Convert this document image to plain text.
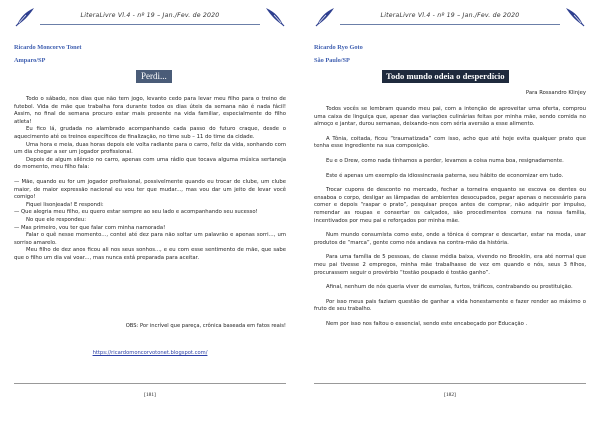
LiteraLivre Vl.4 - nº 19 – Jan./Fev. de 2020
Ricardo Moncorvo Tonet
Amparo/SP
Perdi...

Todo o sábado, nos dias que não tem jogo, levanto cedo para levar meu filho para o treino de futebol. Vida de mãe que trabalha fora durante todos os dias úteis da semana não é nada fácil! Assim, no final de semana procuro estar mais presente na vida familiar, especialmente do filho atleta!

Eu fico lá, grudada no alambrado acompanhando cada passo do futuro craque, desde o aquecimento até os treinos específicos de finalização, no time sub – 11 do time da cidade.

Uma hora e meia, duas horas depois ele volta radiante para o carro, feliz da vida, sonhando com um dia chegar a ser um jogador profissional.

Depois de algum silêncio no carro, apenas com uma rádio que tocava alguma música sertaneja do momento, meu filho fala:

— Mãe, quando eu for um jogador profissional, possivelmente quando eu trocar de clube, um clube maior, de maior expressão nacional eu vou ter que mudar..., mas vou dar um jeito de levar você comigo!

Fiquei lisonjeada! E respondi:

— Que alegria meu filho, eu quero estar sempre ao seu lado e acompanhando seu sucesso!

No que ele respondeu:

— Mas primeiro, vou ter que falar com minha namorada!

Falar o quê nesse momento..., contei até dez para não soltar um palavrão e apenas sorri..., um sorriso amarelo.

Meu filho de dez anos ficou ali nos seus sonhos..., e eu com esse sentimento de mãe, que sabe que o filho um dia vai voar..., mas nunca está preparada para aceitar.

OBS: Por incrível que pareça, crônica baseada em fatos reais!
https://ricardomoncorvotonet.blogspot.com/
[181]
LiteraLivre Vl.4 - nº 19 – Jan./Fev. de 2020
Ricardo Ryo Goto
São Paulo/SP
Todo mundo odeia o desperdício
Para Rossandro Klinjey

Todos vocês se lembram quando meu pai, com a intenção de aproveitar uma oferta, comprou uma caixa de linguiça que, apesar das variações culinárias feitas por minha mãe, sendo comida no almoço e jantar, durou semanas, deixando-nos com séria aversão a esse alimento.

A Tônia, coitada, ficou “traumatizada” com isso, acho que até hoje evita qualquer prato que tenha esse ingrediente na sua composição.

Eu e o Drew, como nada tínhamos a perder, levamos a coisa numa boa, resignadamente.

Este é apenas um exemplo da idiossincrasia paterna, seu hábito de economizar em tudo.

Trocar cupons de desconto no mercado, fechar a torneira enquanto se escova os dentes ou ensaboa o corpo, desligar as lâmpadas de ambientes desocupados, pegar apenas o necessário para comer e depois “raspar o prato”, pesquisar preços antes de comprar, não adquirir por impulso, remendar as roupas e consertar os calçados, são procedimentos comuns na nossa família, incentivados por meu pai e reforçados por minha mãe.

Num mundo consumista como este, onde a tônica é comprar e descartar, estar na moda, usar produtos de “marca”, gente como nós andava na contra-mão da história.

Para uma família de 5 pessoas, de classe média baixa, vivendo no Brooklin, era até normal que meu pai tivesse 2 empregos, minha mãe trabalhasse de vez em quando e nós, seus 3 filhos, procurassem seguir o provérbio “tostão poupado é tostão ganho”.

Afinal, nenhum de nós queria viver de esmolas, furtos, tráficos, contrabando ou prostituição.

Por isso meus pais faziam questão de ganhar a vida honestamente e fazer render ao máximo o fruto de seu trabalho.

Nem por isso nos faltou o essencial, sendo este encabeçado por Educação .

[182]
